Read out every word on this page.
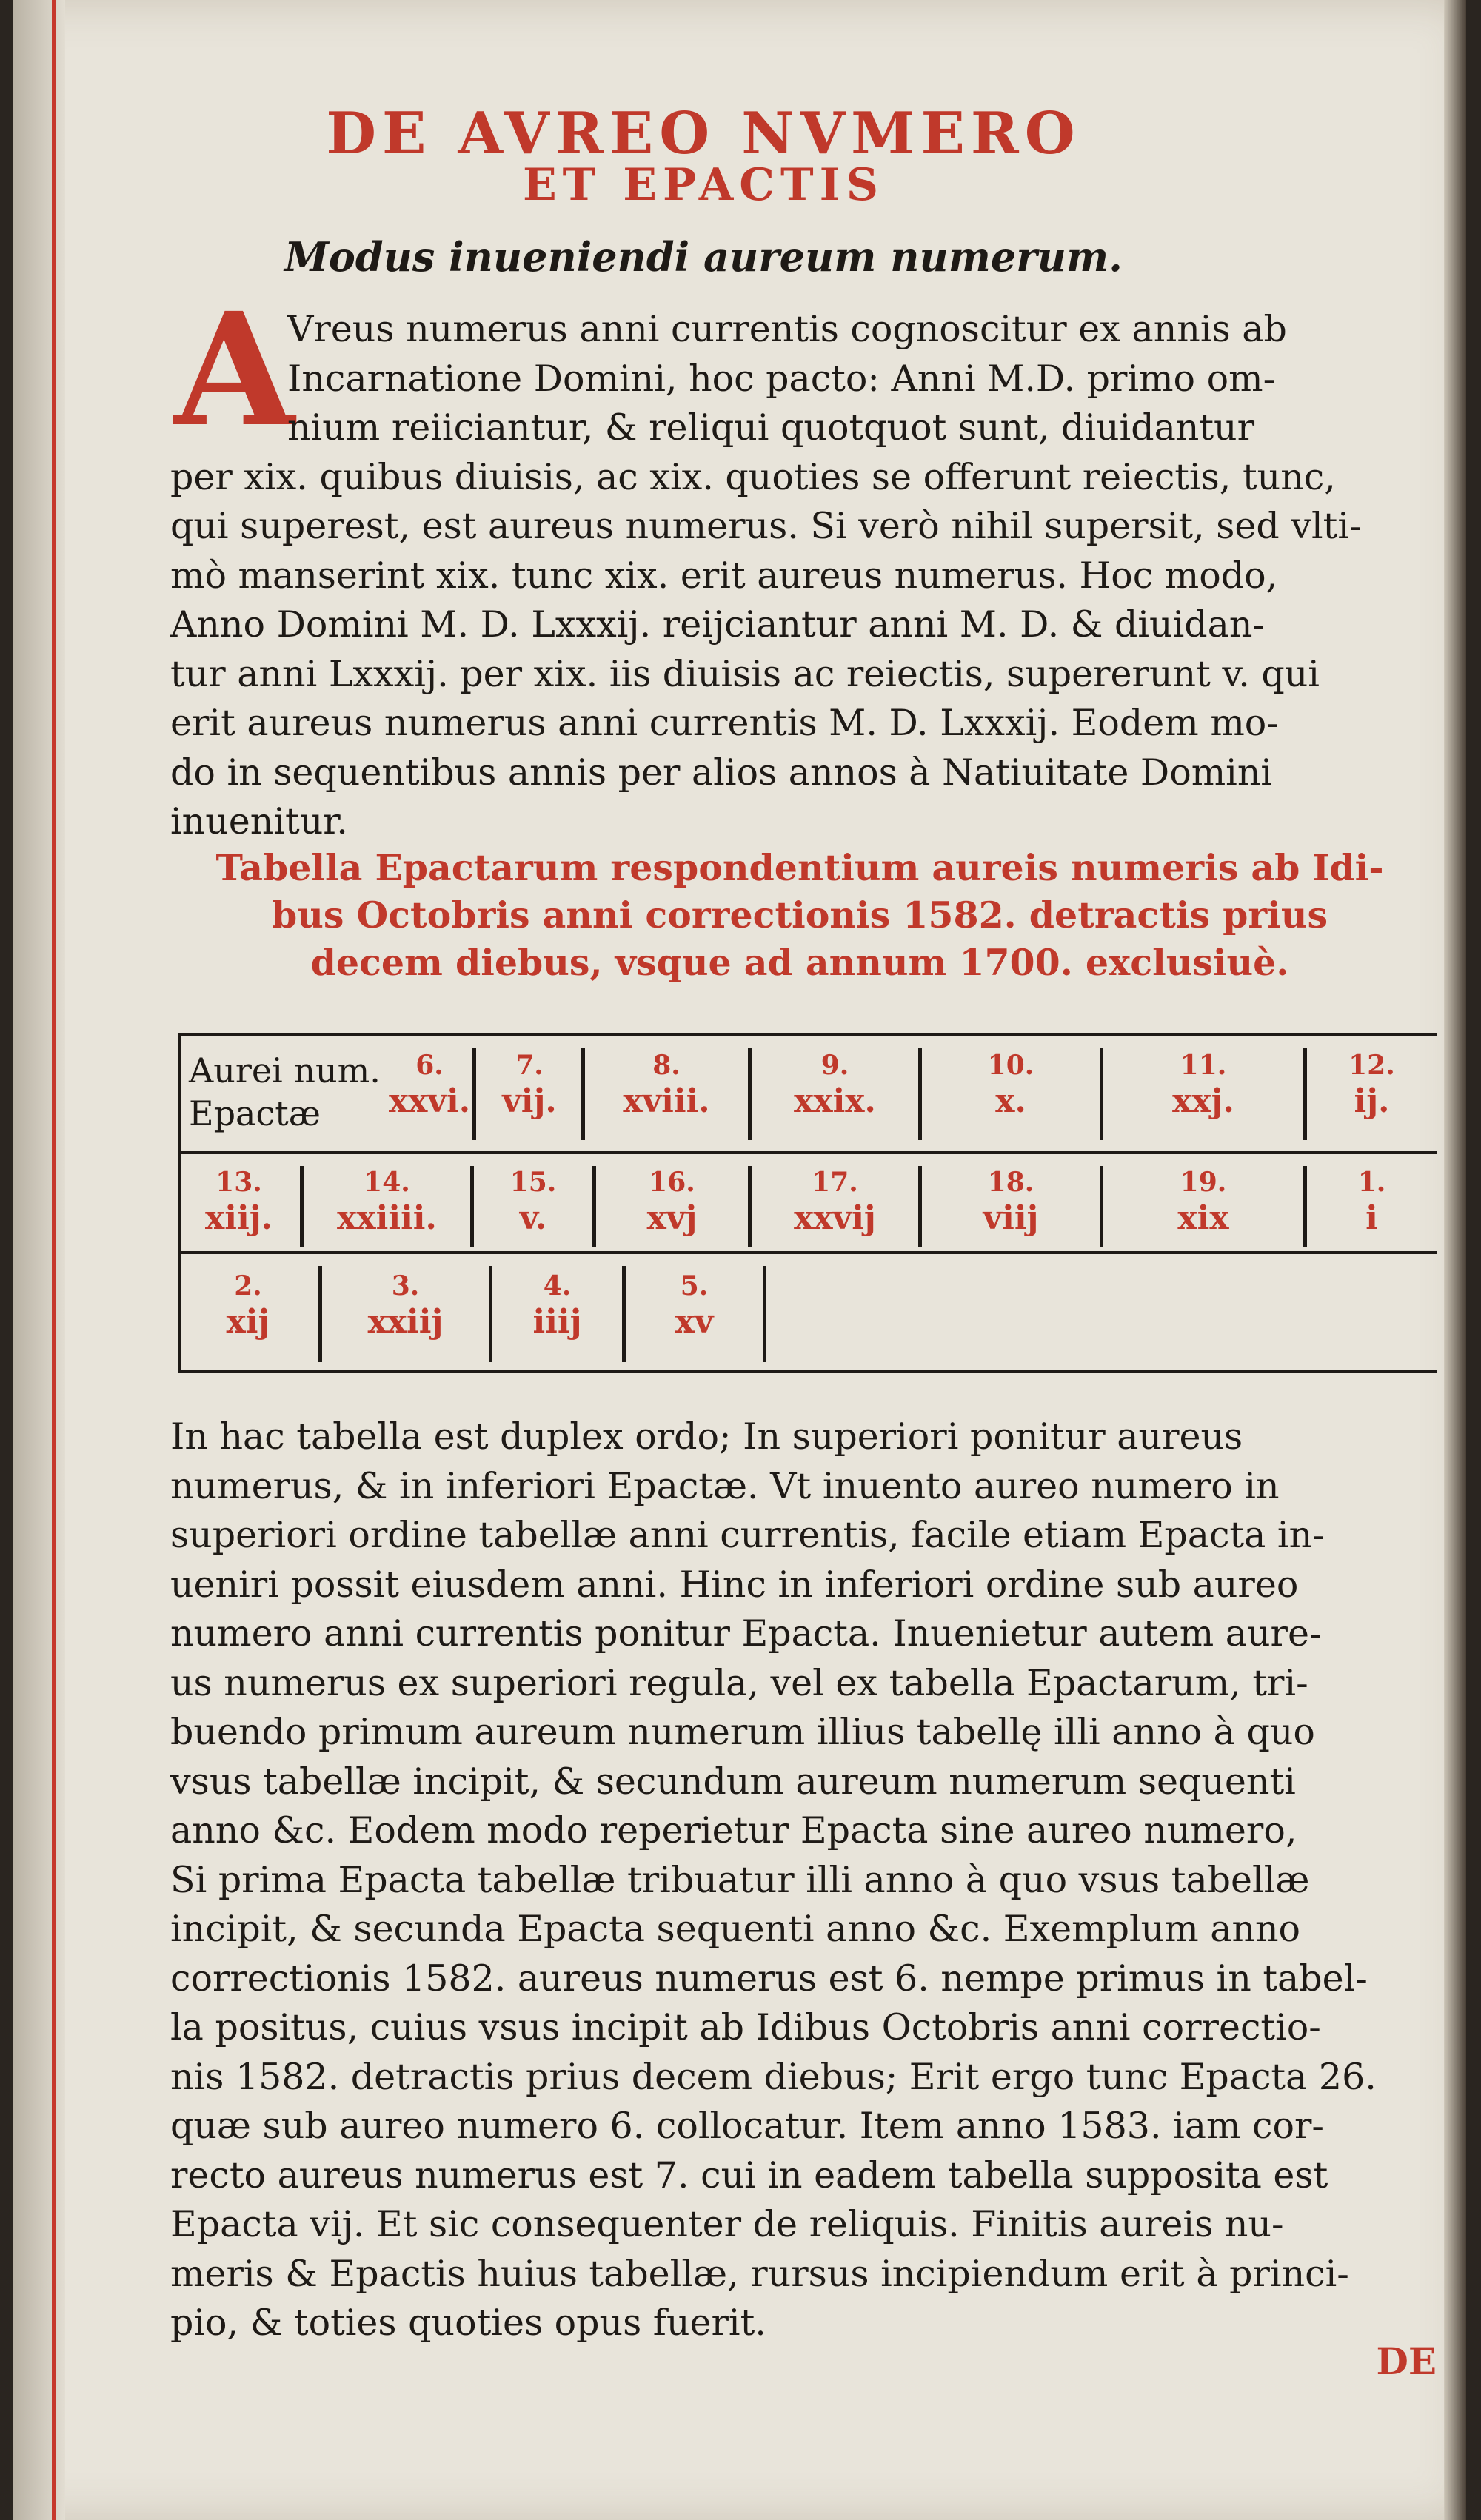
DE AVREO NVMERO
ET EPACTIS
Modus inueniendi aureum numerum.
A
Vreus numerus anni currentis cognoscitur ex annis ab
Incarnatione Domini, hoc pacto: Anni M.D. primo om-
nium reiiciantur, & reliqui quotquot sunt, diuidantur
per xix. quibus diuisis, ac xix. quoties se offerunt reiectis, tunc,
qui superest, est aureus numerus. Si verò nihil supersit, sed vlti-
mò manserint xix. tunc xix. erit aureus numerus. Hoc modo,
Anno Domini M. D. Lxxxij. reijciantur anni M. D. & diuidan-
tur anni Lxxxij. per xix. iis diuisis ac reiectis, supererunt v. qui
erit aureus numerus anni currentis M. D. Lxxxij. Eodem mo-
do in sequentibus annis per alios annos à Natiuitate Domini
inuenitur.
Tabella Epactarum respondentium aureis numeris ab Idi-
bus Octobris anni correctionis 1582. detractis prius
decem diebus, vsque ad annum 1700. exclusiuè.
Aurei num.
Epactæ
6.
xxvi.
7.
vij.
8.
xviii.
9.
xxix.
10.
x.
11.
xxj.
12.
ij.
13.
xiij.
14.
xxiiii.
15.
v.
16.
xvj
17.
xxvij
18.
viij
19.
xix
1.
i
2.
xij
3.
xxiij
4.
iiij
5.
xv
In hac tabella est duplex ordo; In superiori ponitur aureus
numerus, & in inferiori Epactæ. Vt inuento aureo numero in
superiori ordine tabellæ anni currentis, facile etiam Epacta in-
ueniri possit eiusdem anni. Hinc in inferiori ordine sub aureo
numero anni currentis ponitur Epacta. Inuenietur autem aure-
us numerus ex superiori regula, vel ex tabella Epactarum, tri-
buendo primum aureum numerum illius tabellę illi anno à quo
vsus tabellæ incipit, & secundum aureum numerum sequenti
anno &c. Eodem modo reperietur Epacta sine aureo numero,
Si prima Epacta tabellæ tribuatur illi anno à quo vsus tabellæ
incipit, & secunda Epacta sequenti anno &c. Exemplum anno
correctionis 1582. aureus numerus est 6. nempe primus in tabel-
la positus, cuius vsus incipit ab Idibus Octobris anni correctio-
nis 1582. detractis prius decem diebus; Erit ergo tunc Epacta 26.
quæ sub aureo numero 6. collocatur. Item anno 1583. iam cor-
recto aureus numerus est 7. cui in eadem tabella supposita est
Epacta vij. Et sic consequenter de reliquis. Finitis aureis nu-
meris & Epactis huius tabellæ, rursus incipiendum erit à princi-
pio, & toties quoties opus fuerit.
DE
